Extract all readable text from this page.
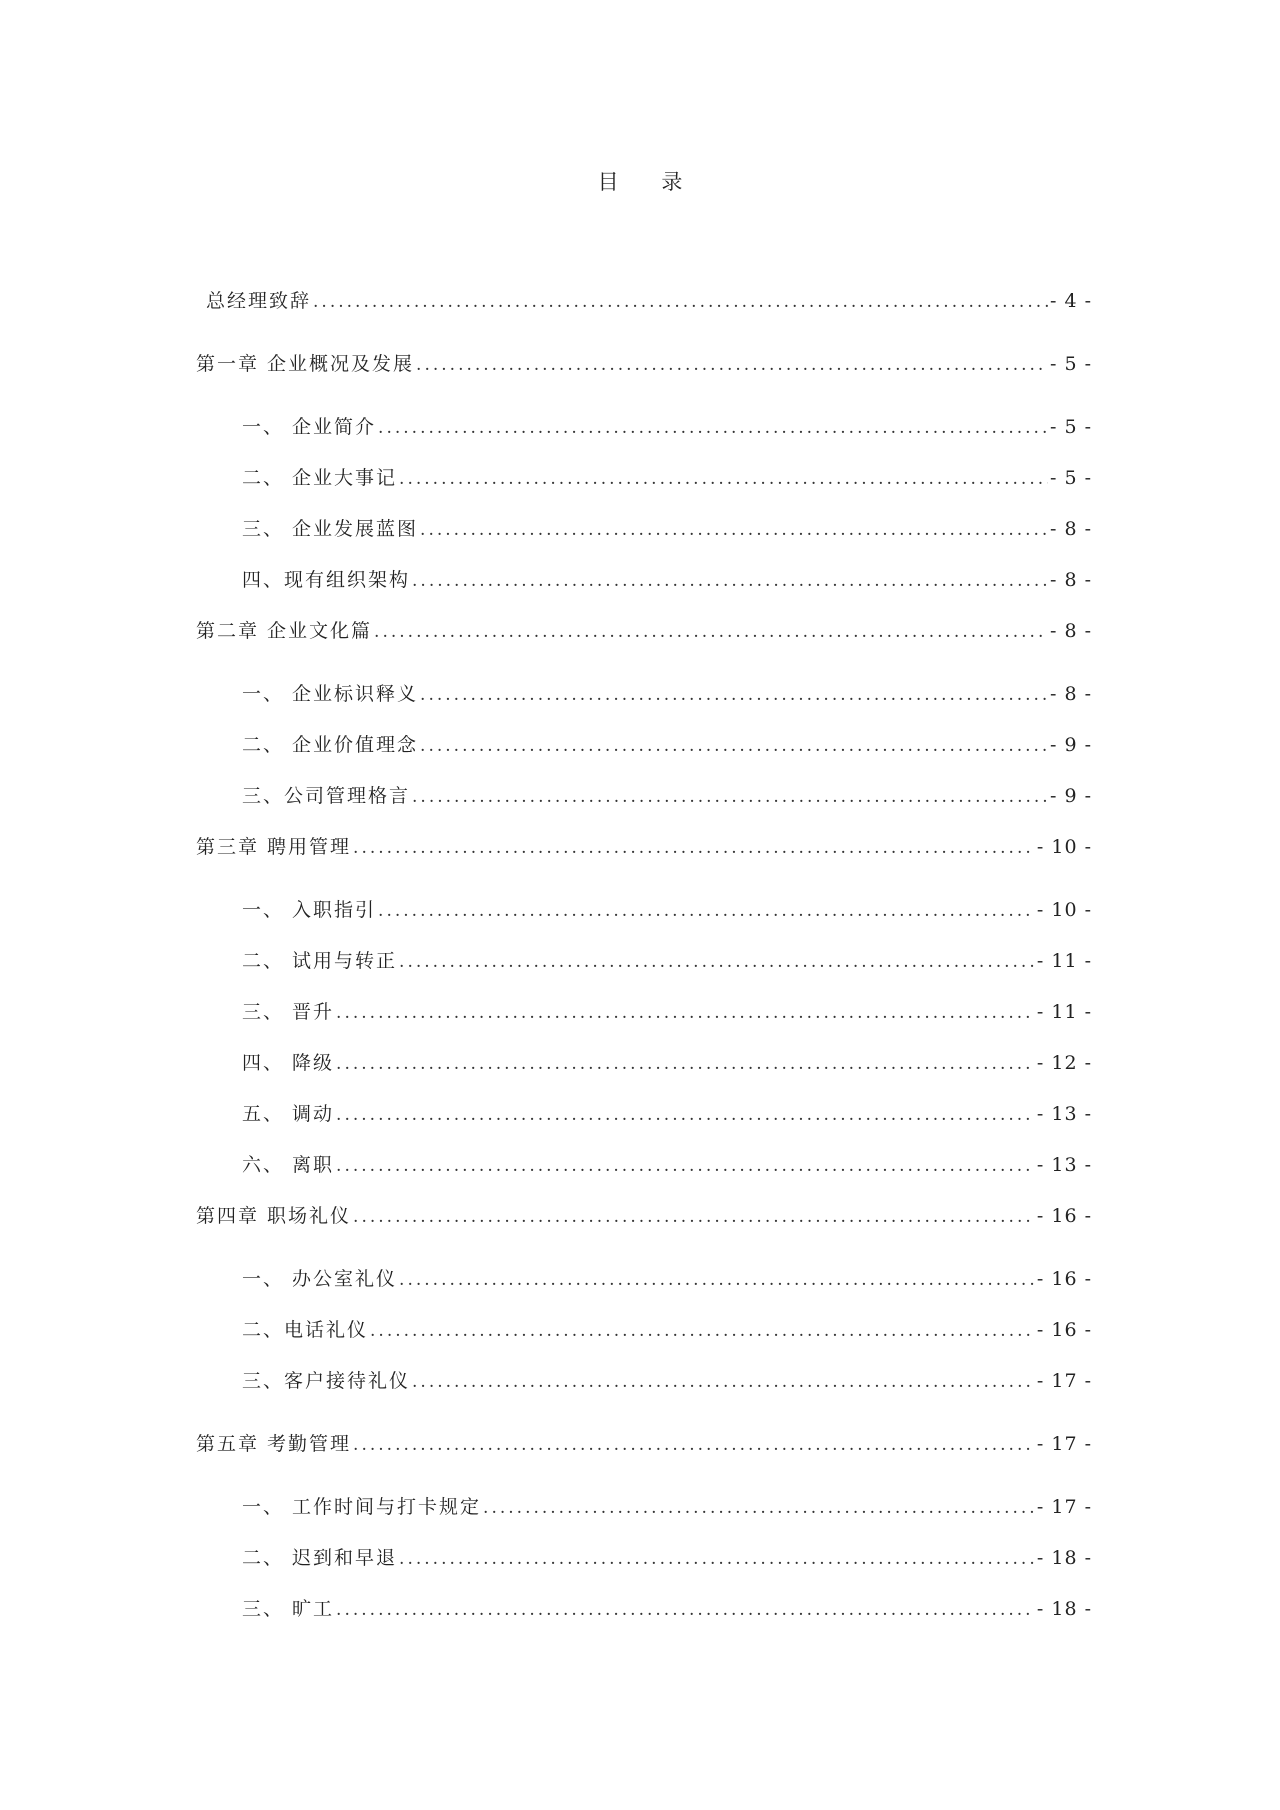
目 录
总经理致辞 .....	- 4 -
第一章 企业概况及发展 .....	- 5 -
一、 企业简介 .....	- 5 -
二、 企业大事记 .....	- 5 -
三、 企业发展蓝图 .....	- 8 -
四、现有组织架构 .....	- 8 -
第二章 企业文化篇 .....	- 8 -
一、 企业标识释义 .....	- 8 -
二、 企业价值理念 .....	- 9 -
三、公司管理格言 .....	- 9 -
第三章 聘用管理 .....	- 10 -
一、 入职指引 .....	- 10 -
二、 试用与转正 .....	- 11 -
三、 晋升 .....	- 11 -
四、 降级 .....	- 12 -
五、 调动 .....	- 13 -
六、 离职 .....	- 13 -
第四章 职场礼仪 .....	- 16 -
一、 办公室礼仪 .....	- 16 -
二、电话礼仪 .....	- 16 -
三、客户接待礼仪 .....	- 17 -
第五章 考勤管理 .....	- 17 -
一、 工作时间与打卡规定 .....	- 17 -
二、 迟到和早退 .....	- 18 -
三、 旷工 .....	- 18 -
